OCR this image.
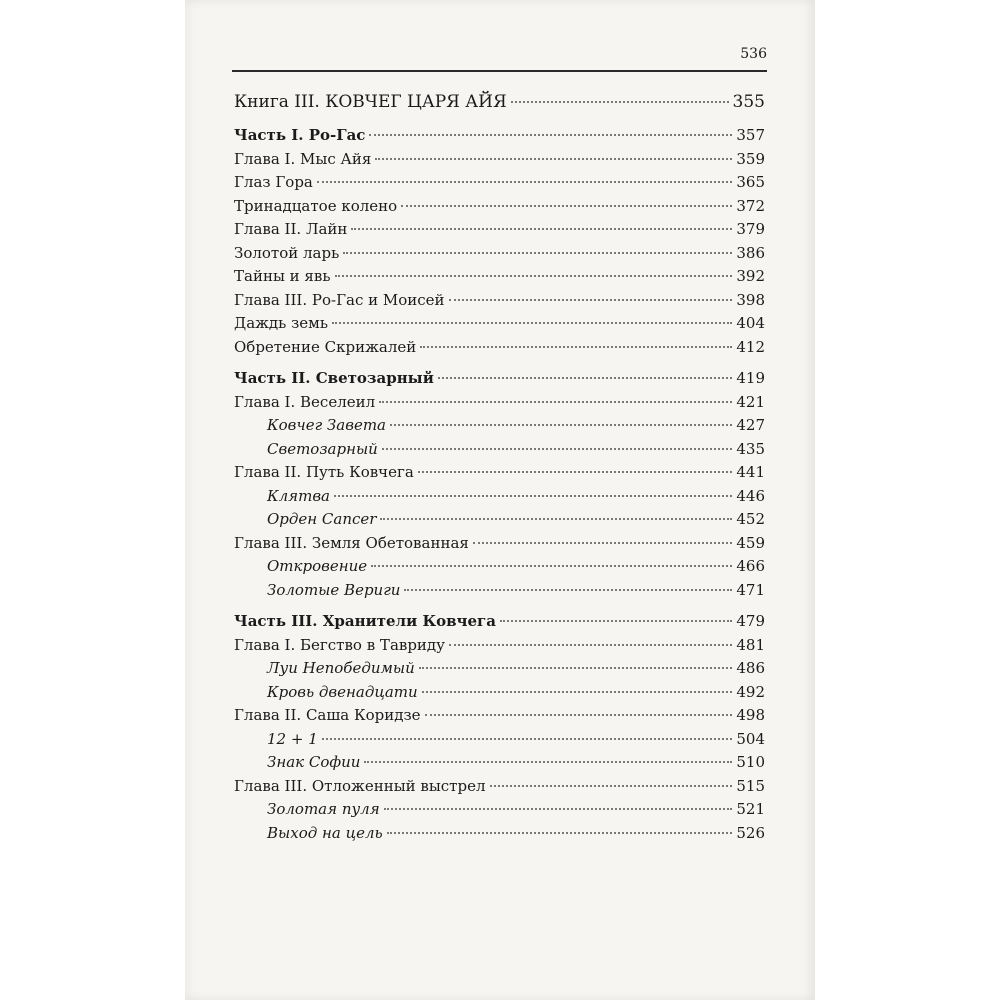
536
Книга III. КОВЧЕГ ЦАРЯ АЙЯ	355
Часть I. Ро-Гас	357
Глава I. Мыс Айя	359
Глаз Гора	365
Тринадцатое колено	372
Глава II. Лайн	379
Золотой ларь	386
Тайны и явь	392
Глава III. Ро-Гас и Моисей	398
Даждь земь	404
Обретение Скрижалей	412
Часть II. Светозарный	419
Глава I. Веселеил	421
Ковчег Завета	427
Светозарный	435
Глава II. Путь Ковчега	441
Клятва	446
Орден Cancer	452
Глава III. Земля Обетованная	459
Откровение	466
Золотые Вериги	471
Часть III. Хранители Ковчега	479
Глава I. Бегство в Тавриду	481
Луи Непобедимый	486
Кровь двенадцати	492
Глава II. Саша Коридзе	498
12 + 1	504
Знак Софии	510
Глава III. Отложенный выстрел	515
Золотая пуля	521
Выход на цель	526
